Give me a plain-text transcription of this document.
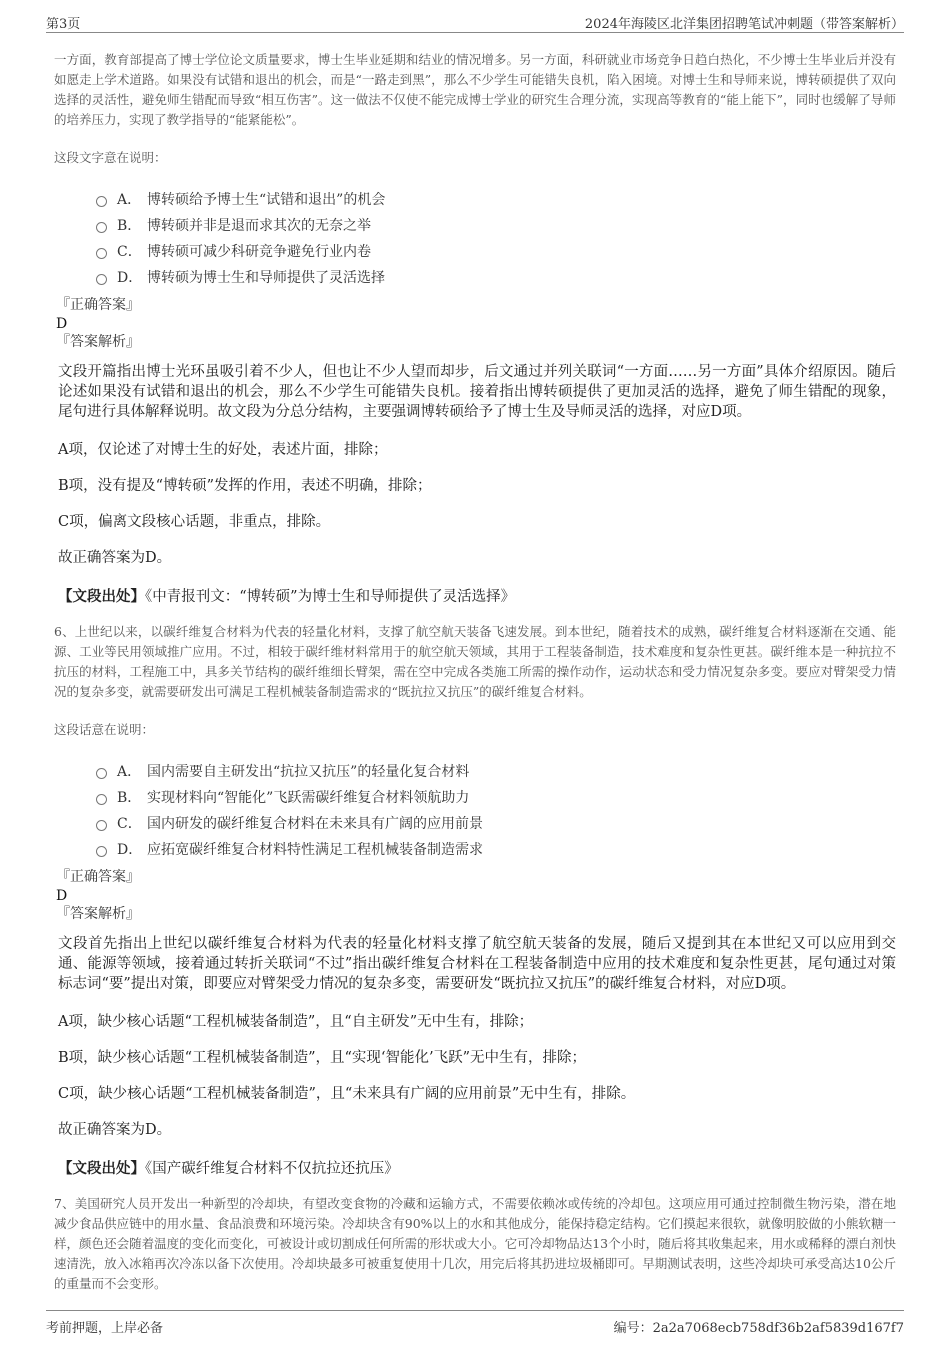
第3页	2024年海陵区北洋集团招聘笔试冲刺题（带答案解析）

一方面，教育部提高了博士学位论文质量要求，博士生毕业延期和结业的情况增多。另一方面，科研就业市场竞争日趋白热化，不少博士生毕业后并没有如愿走上学术道路。如果没有试错和退出的机会，而是“一路走到黑”，那么不少学生可能错失良机，陷入困境。对博士生和导师来说，博转硕提供了双向选择的灵活性，避免师生错配而导致“相互伤害”。这一做法不仅使不能完成博士学业的研究生合理分流，实现高等教育的“能上能下”，同时也缓解了导师的培养压力，实现了教学指导的“能紧能松”。

这段文字意在说明：
A． 博转硕给予博士生“试错和退出”的机会
B． 博转硕并非是退而求其次的无奈之举
C． 博转硕可减少科研竞争避免行业内卷
D． 博转硕为博士生和导师提供了灵活选择
『正确答案』
D
『答案解析』

文段开篇指出博士光环虽吸引着不少人，但也让不少人望而却步，后文通过并列关联词“一方面……另一方面”具体介绍原因。随后论述如果没有试错和退出的机会，那么不少学生可能错失良机。接着指出博转硕提供了更加灵活的选择，避免了师生错配的现象，尾句进行具体解释说明。故文段为分总分结构，主要强调博转硕给予了博士生及导师灵活的选择，对应D项。

A项，仅论述了对博士生的好处，表述片面，排除；

B项，没有提及“博转硕”发挥的作用，表述不明确，排除；

C项，偏离文段核心话题，非重点，排除。

故正确答案为D。

【文段出处】《中青报刊文：“博转硕”为博士生和导师提供了灵活选择》

6、上世纪以来，以碳纤维复合材料为代表的轻量化材料，支撑了航空航天装备飞速发展。到本世纪，随着技术的成熟，碳纤维复合材料逐渐在交通、能源、工业等民用领域推广应用。不过，相较于碳纤维材料常用于的航空航天领域，其用于工程装备制造，技术难度和复杂性更甚。碳纤维本是一种抗拉不抗压的材料，工程施工中，具多关节结构的碳纤维细长臂架，需在空中完成各类施工所需的操作动作，运动状态和受力情况复杂多变。要应对臂架受力情况的复杂多变，就需要研发出可满足工程机械装备制造需求的“既抗拉又抗压”的碳纤维复合材料。

这段话意在说明：
A． 国内需要自主研发出“抗拉又抗压”的轻量化复合材料
B． 实现材料向“智能化”飞跃需碳纤维复合材料领航助力
C． 国内研发的碳纤维复合材料在未来具有广阔的应用前景
D． 应拓宽碳纤维复合材料特性满足工程机械装备制造需求
『正确答案』
D
『答案解析』

文段首先指出上世纪以碳纤维复合材料为代表的轻量化材料支撑了航空航天装备的发展，随后又提到其在本世纪又可以应用到交通、能源等领域，接着通过转折关联词“不过”指出碳纤维复合材料在工程装备制造中应用的技术难度和复杂性更甚，尾句通过对策标志词“要”提出对策，即要应对臂架受力情况的复杂多变，需要研发“既抗拉又抗压”的碳纤维复合材料，对应D项。

A项，缺少核心话题“工程机械装备制造”，且“自主研发”无中生有，排除；

B项，缺少核心话题“工程机械装备制造”，且“实现‘智能化’飞跃”无中生有，排除；

C项，缺少核心话题“工程机械装备制造”，且“未来具有广阔的应用前景”无中生有，排除。

故正确答案为D。

【文段出处】《国产碳纤维复合材料不仅抗拉还抗压》

7、美国研究人员开发出一种新型的冷却块，有望改变食物的冷藏和运输方式，不需要依赖冰或传统的冷却包。这项应用可通过控制微生物污染，潜在地减少食品供应链中的用水量、食品浪费和环境污染。冷却块含有90%以上的水和其他成分，能保持稳定结构。它们摸起来很软，就像明胶做的小熊软糖一样，颜色还会随着温度的变化而变化，可被设计或切割成任何所需的形状或大小。它可冷却物品达13个小时，随后将其收集起来，用水或稀释的漂白剂快速清洗，放入冰箱再次冷冻以备下次使用。冷却块最多可被重复使用十几次，用完后将其扔进垃圾桶即可。早期测试表明，这些冷却块可承受高达10公斤的重量而不会变形。

考前押题，上岸必备	编号：2a2a7068ecb758df36b2af5839d167f7
